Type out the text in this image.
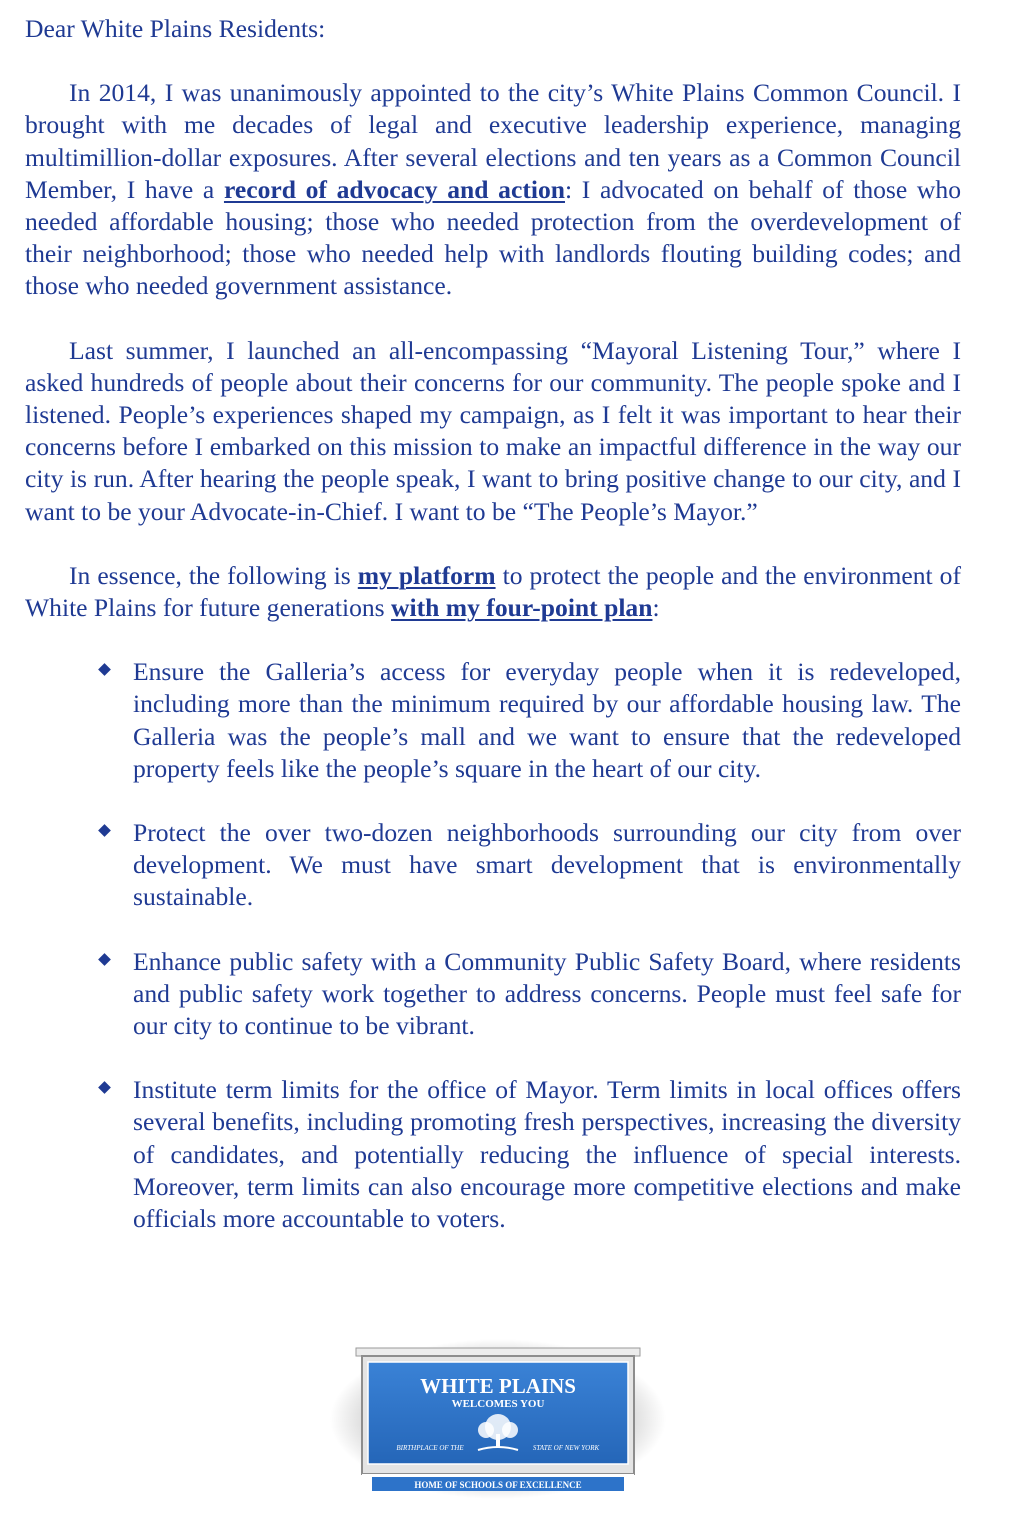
Dear White Plains Residents:

In 2014, I was unanimously appointed to the city’s White Plains Common Council. I brought with me decades of legal and executive leadership experience, managing multimillion-dollar exposures. After several elections and ten years as a Common Council Member, I have a record of advocacy and action: I advocated on behalf of those who needed affordable housing; those who needed protection from the overdevelopment of their neighborhood; those who needed help with landlords flouting building codes; and those who needed government assistance.

Last summer, I launched an all-encompassing “Mayoral Listening Tour,” where I asked hundreds of people about their concerns for our community. The people spoke and I listened. People’s experiences shaped my campaign, as I felt it was important to hear their concerns before I embarked on this mission to make an impactful difference in the way our city is run. After hearing the people speak, I want to bring positive change to our city, and I want to be your Advocate-in-Chief. I want to be “The People’s Mayor.”

In essence, the following is my platform to protect the people and the environment of White Plains for future generations with my four-point plan:

Ensure the Galleria’s access for everyday people when it is redeveloped, including more than the minimum required by our affordable housing law. The Galleria was the people’s mall and we want to ensure that the redeveloped property feels like the people’s square in the heart of our city.
Protect the over two-dozen neighborhoods surrounding our city from over development. We must have smart development that is environmentally sustainable.
Enhance public safety with a Community Public Safety Board, where residents and public safety work together to address concerns. People must feel safe for our city to continue to be vibrant.
Institute term limits for the office of Mayor. Term limits in local offices offers several benefits, including promoting fresh perspectives, increasing the diversity of candidates, and potentially reducing the influence of special interests. Moreover, term limits can also encourage more competitive elections and make officials more accountable to voters.
WHITE PLAINS
WELCOMES YOU
BIRTHPLACE OF THE	STATE OF NEW YORK
HOME OF SCHOOLS OF EXCELLENCE
